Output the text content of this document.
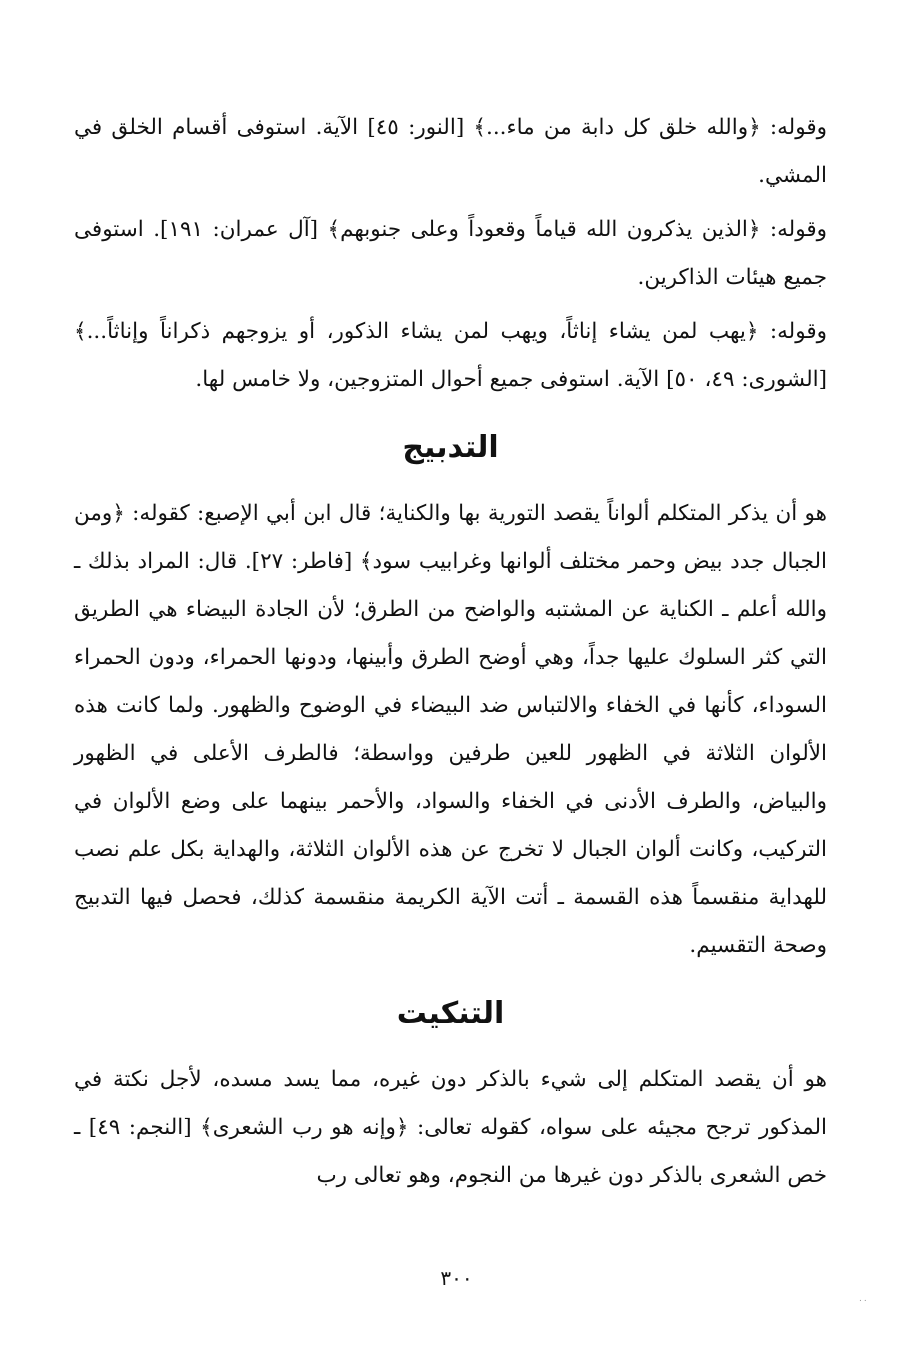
وقوله: ﴿والله خلق كل دابة من ماء...﴾ [النور: ٤٥] الآية. استوفى أقسام الخلق في المشي.

وقوله: ﴿الذين يذكرون الله قياماً وقعوداً وعلى جنوبهم﴾ [آل عمران: ١٩١]. استوفى جميع هيئات الذاكرين.

وقوله: ﴿يهب لمن يشاء إناثاً، ويهب لمن يشاء الذكور، أو يزوجهم ذكراناً وإناثاً...﴾ [الشورى: ٤٩، ٥٠] الآية. استوفى جميع أحوال المتزوجين، ولا خامس لها.

التدبيج

هو أن يذكر المتكلم ألواناً يقصد التورية بها والكناية؛ قال ابن أبي الإصبع: كقوله: ﴿ومن الجبال جدد بيض وحمر مختلف ألوانها وغرابيب سود﴾ [فاطر: ٢٧]. قال: المراد بذلك ـ والله أعلم ـ الكناية عن المشتبه والواضح من الطرق؛ لأن الجادة البيضاء هي الطريق التي كثر السلوك عليها جداً، وهي أوضح الطرق وأبينها، ودونها الحمراء، ودون الحمراء السوداء، كأنها في الخفاء والالتباس ضد البيضاء في الوضوح والظهور. ولما كانت هذه الألوان الثلاثة في الظهور للعين طرفين وواسطة؛ فالطرف الأعلى في الظهور والبياض، والطرف الأدنى في الخفاء والسواد، والأحمر بينهما على وضع الألوان في التركيب، وكانت ألوان الجبال لا تخرج عن هذه الألوان الثلاثة، والهداية بكل علم نصب للهداية منقسماً هذه القسمة ـ أتت الآية الكريمة منقسمة كذلك، فحصل فيها التدبيج وصحة التقسيم.

التنكيت

هو أن يقصد المتكلم إلى شيء بالذكر دون غيره، مما يسد مسده، لأجل نكتة في المذكور ترجح مجيئه على سواه، كقوله تعالى: ﴿وإنه هو رب الشعرى﴾ [النجم: ٤٩] ـ خص الشعرى بالذكر دون غيرها من النجوم، وهو تعالى رب

٣٠٠
٠٠
